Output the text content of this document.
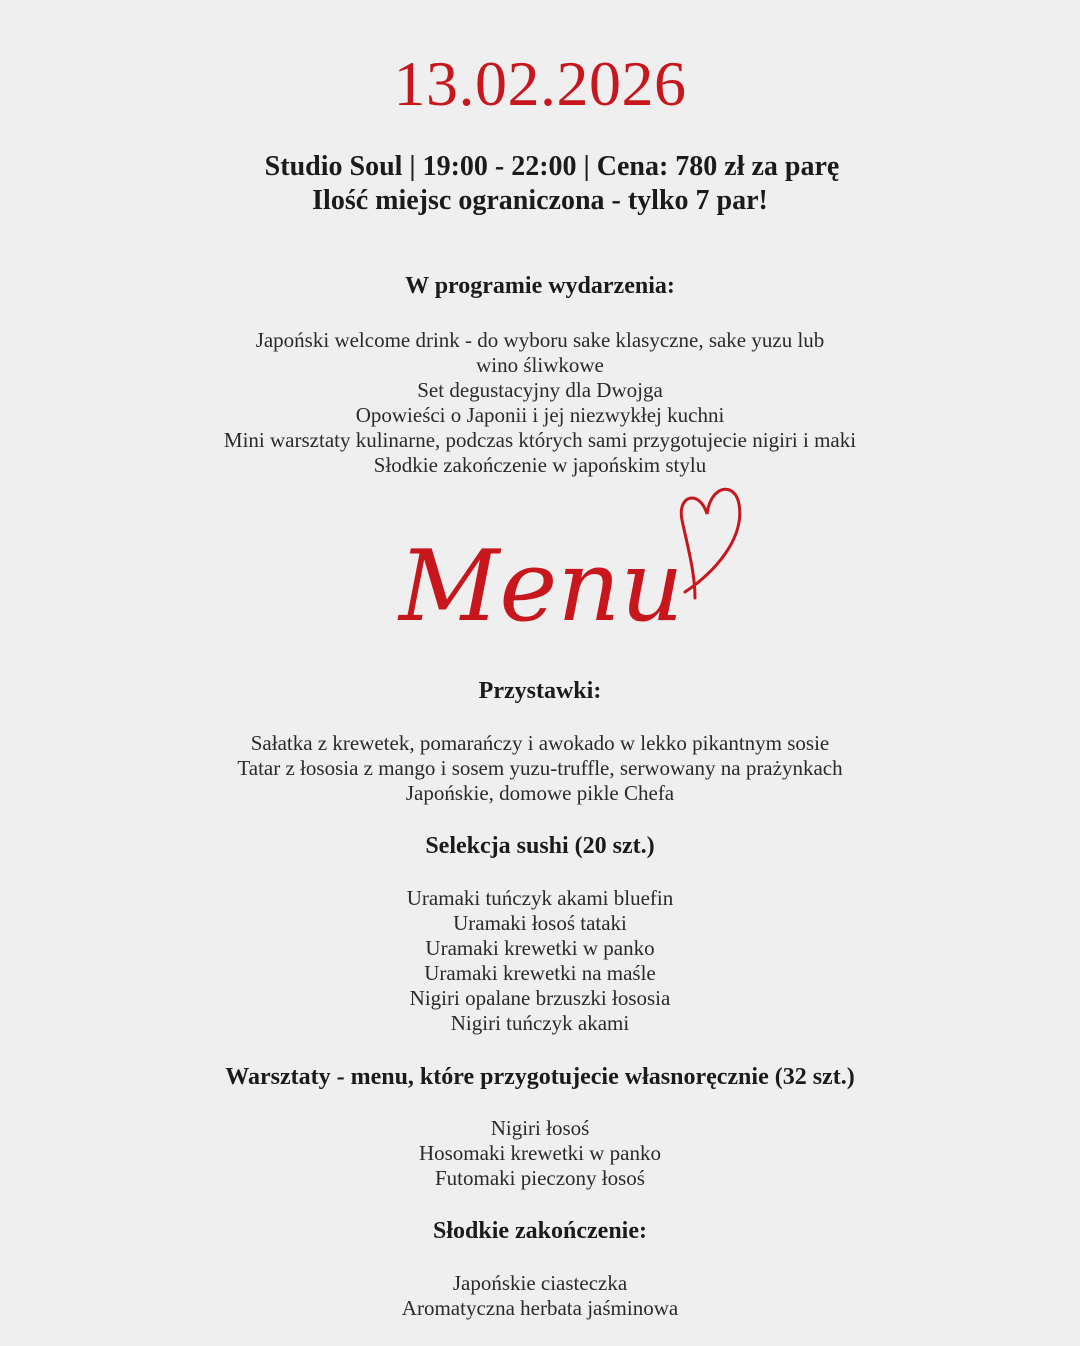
13.02.2026
Studio Soul | 19:00 - 22:00 | Cena: 780 zł za parę
Ilość miejsc ograniczona - tylko 7 par!
W programie wydarzenia:
Japoński welcome drink - do wyboru sake klasyczne, sake yuzu lub
wino śliwkowe
Set degustacyjny dla Dwojga
Opowieści o Japonii i jej niezwykłej kuchni
Mini warsztaty kulinarne, podczas których sami przygotujecie nigiri i maki
Słodkie zakończenie w japońskim stylu
Menu
Przystawki:
Sałatka z krewetek, pomarańczy i awokado w lekko pikantnym sosie
Tatar z łososia z mango i sosem yuzu-truffle, serwowany na prażynkach
Japońskie, domowe pikle Chefa
Selekcja sushi (20 szt.)
Uramaki tuńczyk akami bluefin
Uramaki łosoś tataki
Uramaki krewetki w panko
Uramaki krewetki na maśle
Nigiri opalane brzuszki łososia
Nigiri tuńczyk akami
Warsztaty - menu, które przygotujecie własnoręcznie (32 szt.)
Nigiri łosoś
Hosomaki krewetki w panko
Futomaki pieczony łosoś
Słodkie zakończenie:
Japońskie ciasteczka
Aromatyczna herbata jaśminowa
